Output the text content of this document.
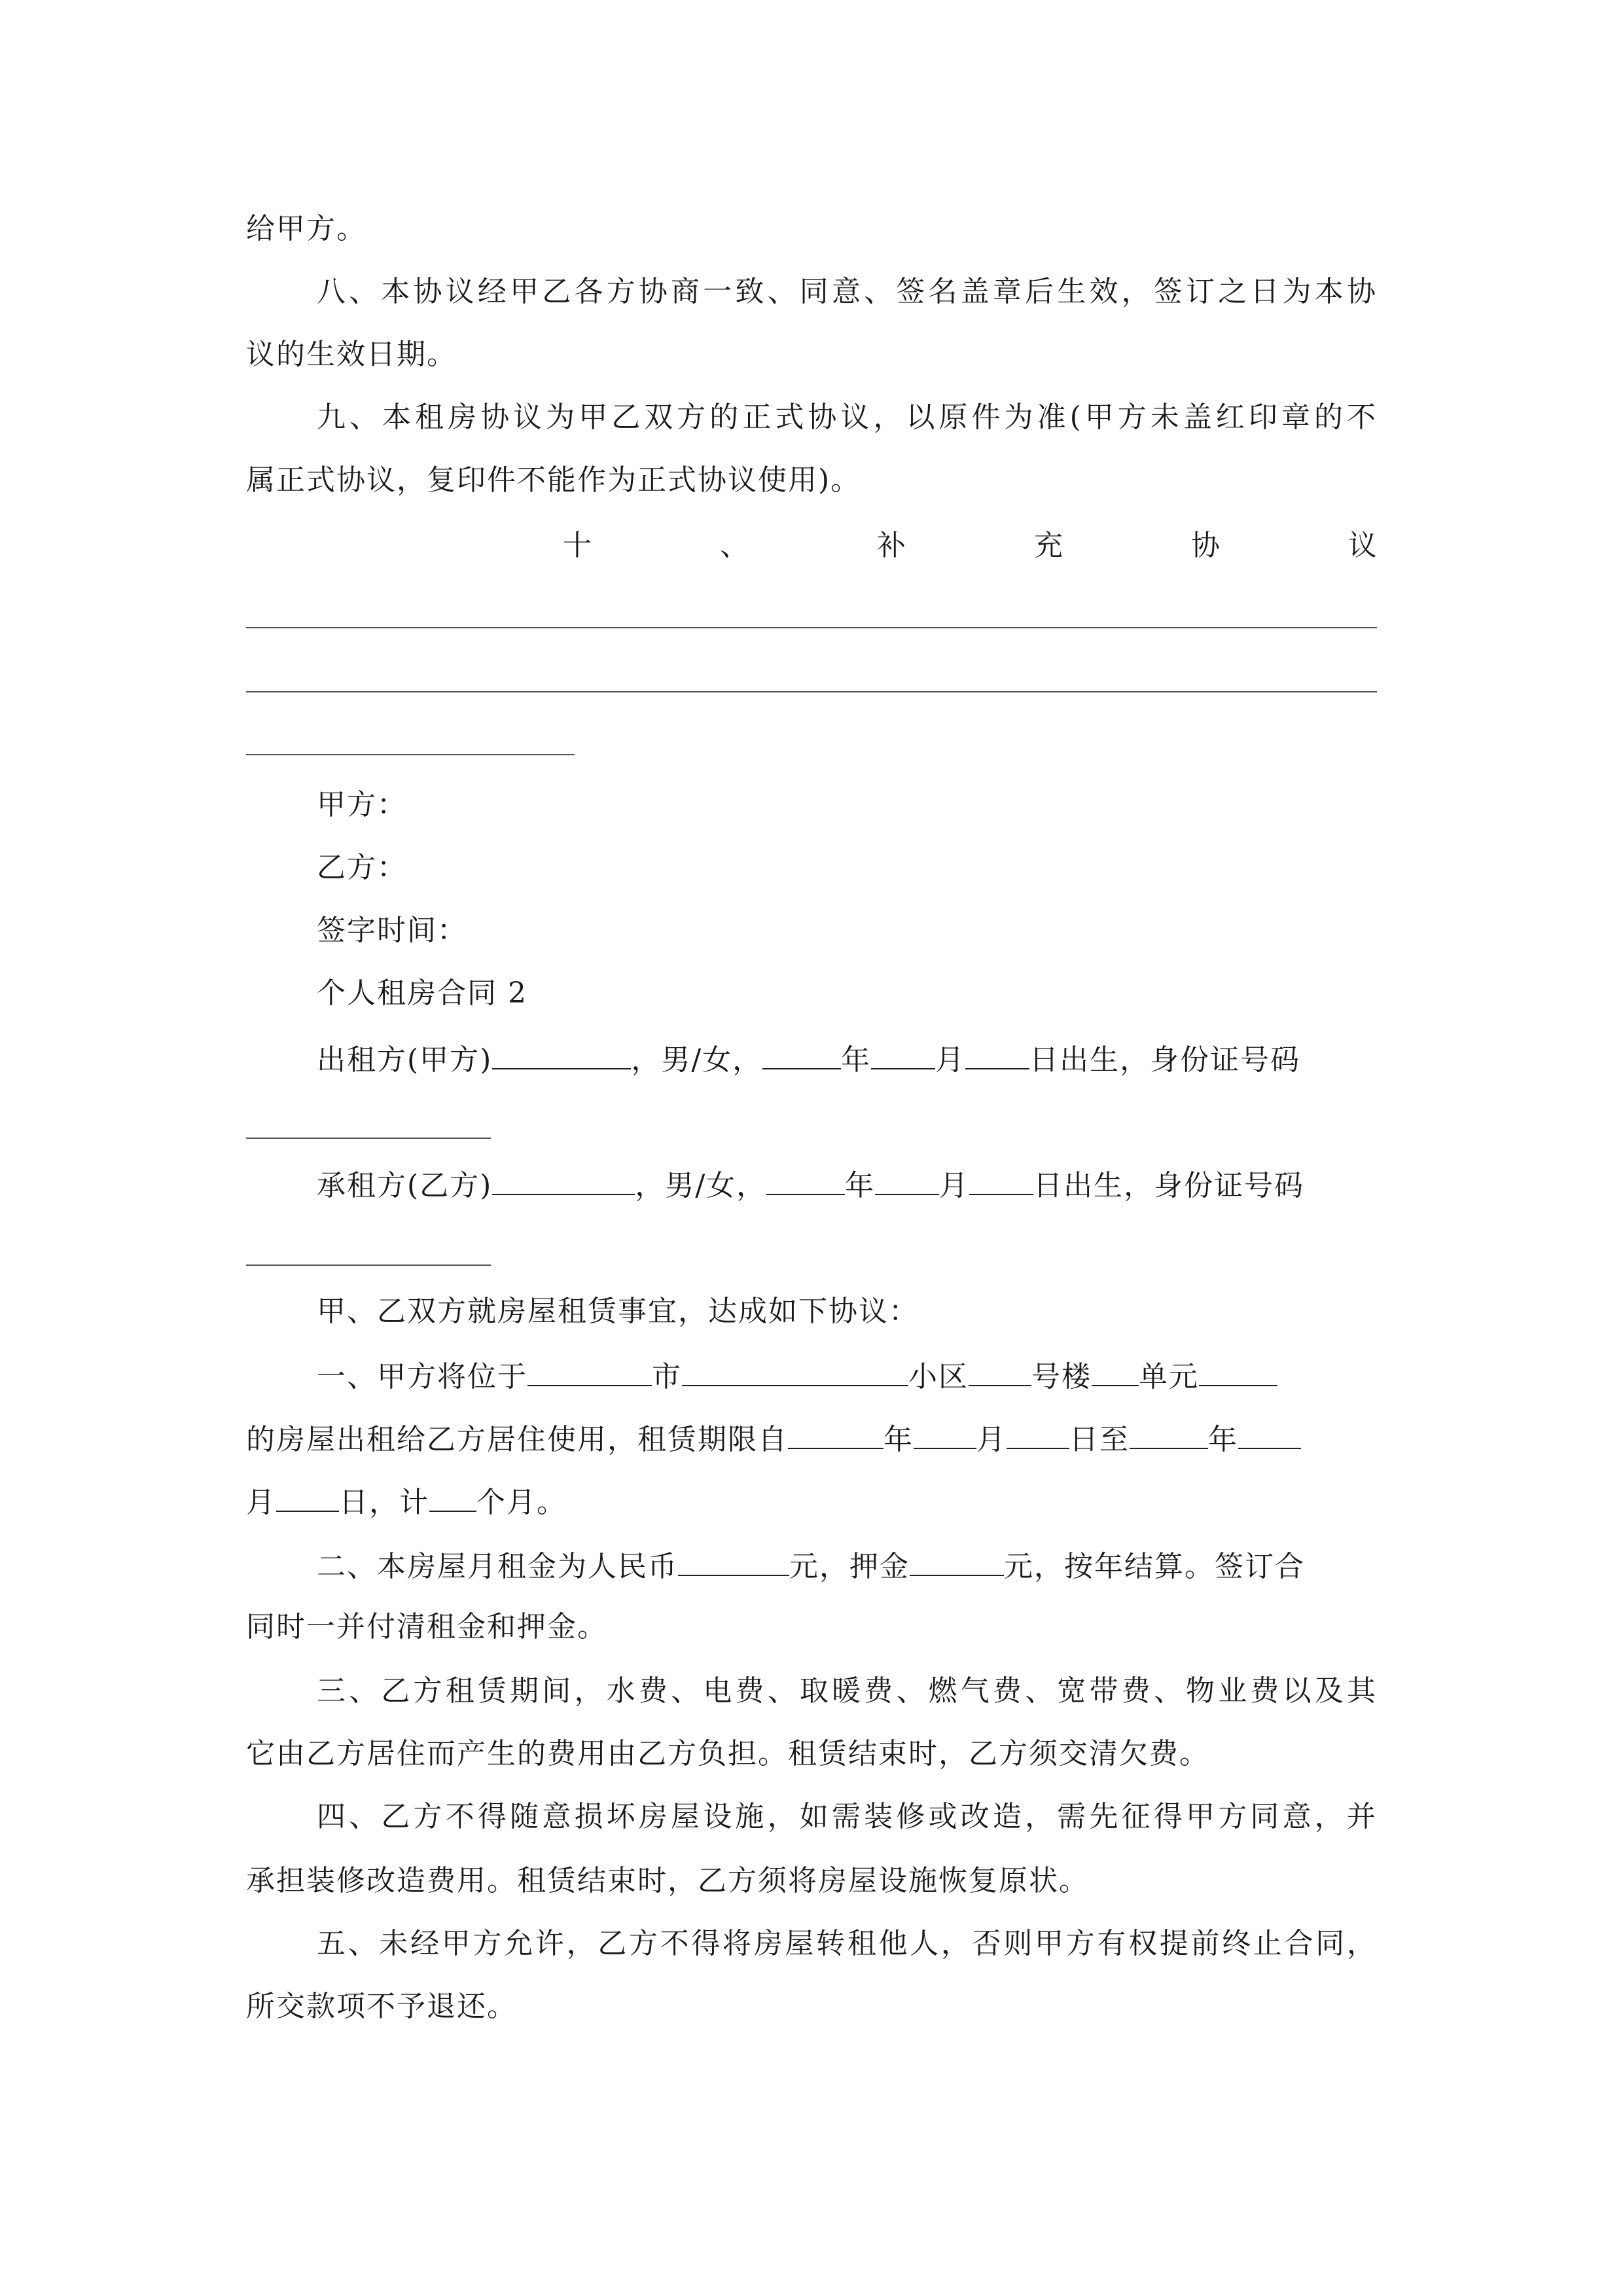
给甲方。
八、本协议经甲乙各方协商一致、同意、签名盖章后生效，签订之日为本协
议的生效日期。
九、本租房协议为甲乙双方的正式协议，以原件为准(甲方未盖红印章的不
属正式协议，复印件不能作为正式协议使用)。
十	、	补	充	协	议
甲方：
乙方：
签字时间：
个人租房合同 2
出租方(甲方)	，男/女，	年 月 日出生，身份证号码
承租方(乙方)	，男/女，	年 月 日出生，身份证号码
甲、乙双方就房屋租赁事宜，达成如下协议：
一、甲方将位于	市	小区 号楼 单元
的房屋出租给乙方居住使用，租赁期限自	年 月 日至	年
月 日，计 个月。
二、本房屋月租金为人民币	元，押金	元，按年结算。签订合
同时一并付清租金和押金。
三、乙方租赁期间，水费、电费、取暖费、燃气费、宽带费、物业费以及其
它由乙方居住而产生的费用由乙方负担。租赁结束时，乙方须交清欠费。
四、乙方不得随意损坏房屋设施，如需装修或改造，需先征得甲方同意，并
承担装修改造费用。租赁结束时，乙方须将房屋设施恢复原状。
五、未经甲方允许，乙方不得将房屋转租他人，否则甲方有权提前终止合同，
所交款项不予退还。
